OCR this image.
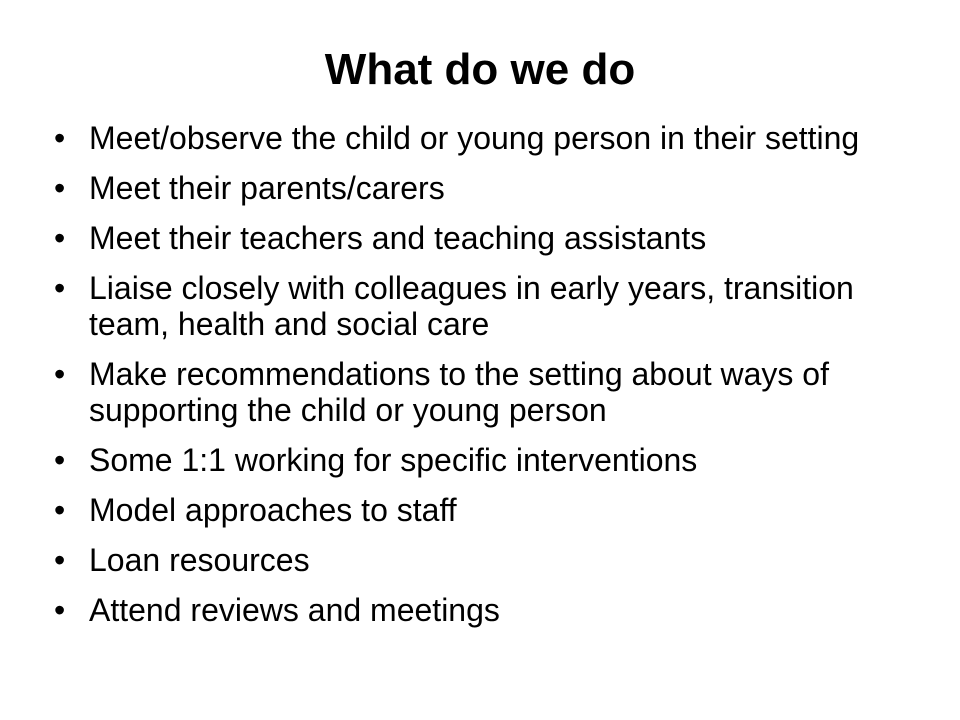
What do we do
• Meet/observe the child or young person in their setting
• Meet their parents/carers
• Meet their teachers and teaching assistants
• Liaise closely with colleagues in early years, transition team, health and social care
• Make recommendations to the setting about ways of supporting the child or young person
• Some 1:1 working for specific interventions
• Model approaches to staff
• Loan resources
• Attend reviews and meetings
